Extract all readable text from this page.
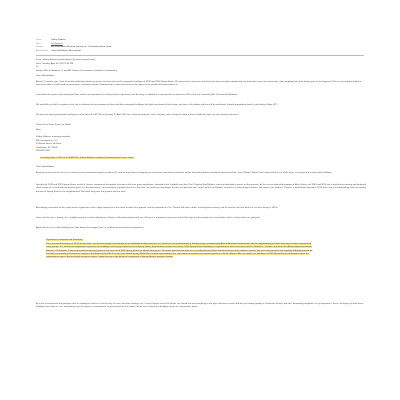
From	Jeffrey Roberts
Sent	Jeff Roberts
Subject	RE: Ed Roberts Museum Society Inc. Community Board Letter
Attachments Letter Ed Roberts Museum.pdf
From: Jeffrey Roberts [mailto:jroberts@centerstonetech.com]
Sent: Tuesday, April 09, 2019 3:34 PM
To:
Subject: RE: Ed Roberts, Jr. and ER. Historic Preservation Committee Landmarking
Dear Stakeholders:
Almost 11 months ago, I sent the below information about our project on these two small, rectangular buildings at 9249 and 9253 Spring Street. We are proud to announce that they have been recently completed by our team after a year of construction, and completed with prior design prior to final approval. We are exceedingly thrilled to have been able to restore and preserve them - and look so good. Unfortunately, I regret to let know to the legacy of the people that came before us.
Just before the project team meeting of both, earlier correspondence in history and the significant work that they, in addition to a repurposed use wherever PDF of this are restored by Mr. Christine Rod Roberts.
We would like to hold a reception at the site to celebrate the preservation of these two little rectangular buildings that fight way ahead of their stage, and once a the ribbon and tour will be welcomed. Sample preparation detail is also below. Friday 4/27.
We invite the Spring participants and guests to be there at 5:30 PM on Saturday 27 April 2019 for a short presentation, and a meeting, and a touring of some of Ernest Holland's finest up and coming newcomers.
Please let us know if you can attend.
Best,
Jeffrey Roberts, managing member
ER Development, LLC
23 Broad Street, 5th Floor
Charleston, SC 29401
843-853-7483
On Friday, May 4, 2018 at 9:19 AM EDT, Jeffrey Roberts <jroberts@centerstonetech.com> wrote:
Dear Stakeholders:
As many of you from the recent, we started several renovation projects on Spring St. and we may show to wrapping up some other unforeseen contractor delays that deferred their completion expected earlier. June, (Photo). Norton and I along with the rest of the team, are very proud of these little buildings.
Specifically, 9249 and 9253 Spring Street are brick, historic commercial rectangular structures that have great significance, donated to the Dugdale from their Prof. Christine Rod Roberts, who are dedicated research on the grounds. As the on-site dedicated program of Marc Kohnis, we 9249 and 9253 into a front-facing meeting and landmark office, known as a retail and commercial space. On the inheritance, our community of people who live in the area, we continue to dig deeper into the rich past that was "clean" by Ed, our Roberts' research is a chronology of events, and knows it for Jordan J. Thomas, a landmarked opened in 1872 with a tiny. For landmarking, both are among the best of Spring Street in the neighborhood. We honor their past, our present and our work.
Accordingly, restoration of the spring needs significance and a highly respective to the future at which this appeals, and the importance of Dr. Thomas will need a drink, and long-term viewing, and he used to call it the land use of a free Spring in 1870s.
Given that this was a Spring, Sr. is rapidly moving to a historically famous Scheme, influential and invested, we all know it is important to preserve and tell the legacy of the people who came before, which is what makes our job great.
Again, these are our little buildings that "fight above their weight class" in architecture and historical importance.
Significance statement and Summary:
The commercial buildings at 9249 Spring Street are an increasingly rare example of an affordable architectural form in Charleston, the wood framed or building stage, predominantly African American communities. As the neighborhood in which they were resident experienced many groups. It is for the most important to preserve the buildings, and to pay a tribute to all of Spring Street. Beyond their architectural merits, 9249 Spring Street buildings are significant for their association with Dr. Rodolfo J. Thomas, one of the first African American female doctors in Charleston. Thomas operated her general practice first here out of 9249 Spring Street for almost thirty years. The most robust for her time as a civically educated black female business and academic woman. Her own acts served to just regularly withhold promise for the black community of Charleston, starting at the Board of the Fifth Precinct Oaks Board during World War II and for advocating to the city leaders to provide recreational amenities to black children. After her death, the buildings at 9249 Spring Street continued to serve the community as part of the local black business district. Today they are a key historical component of Spring Street's business history.
As a trio of commercial and perhaps all of us needing to strive for a kind of way to cover, and than coming to Dr. Carter's Bacon across the Street, we should see and everything in our eyes and these streets and the past unique getting in Charleston history, and rare, demanding neighbors. In my experience, these, the legacy of what these buildings have done to a tie, and making sure the legacy is remembered, in preserving it for the future. Please let us keep these buildings up for our community's future.
